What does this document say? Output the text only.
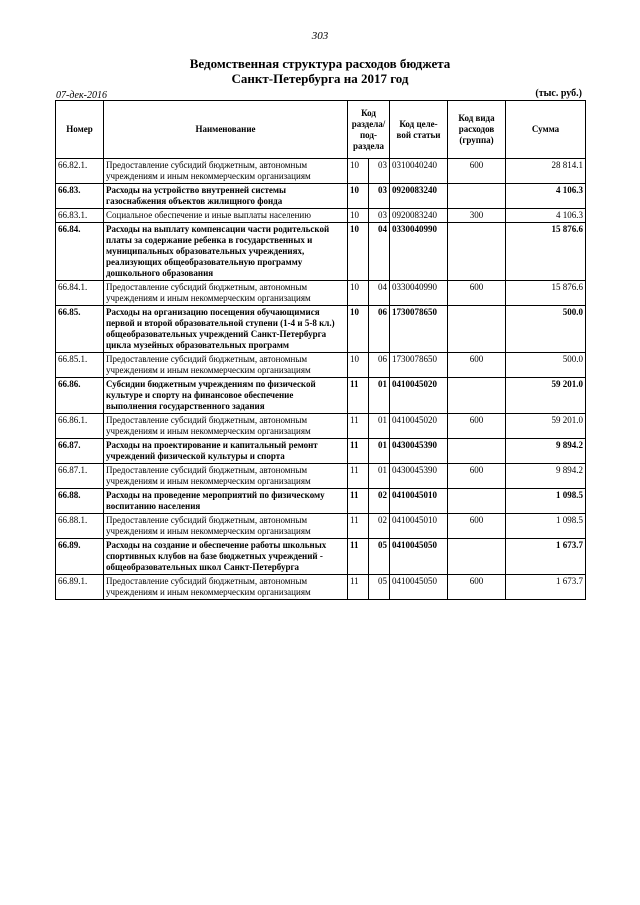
303
Ведомственная структура расходов бюджета
Санкт-Петербурга на 2017 год
07-дек-2016	(тыс. руб.)
Номер	Наименование	Код раздела/ под- раздела		Код целе- вой статьи	Код вида расходов (группа)	Сумма
66.82.1.	Предоставление субсидий бюджетным, автономным учреждениям и иным некоммерческим организациям	10	03	0310040240	600	28 814.1
66.83.	Расходы на устройство внутренней системы газоснабжения объектов жилищного фонда	10	03	0920083240		4 106.3
66.83.1.	Социальное обеспечение и иные выплаты населению	10	03	0920083240	300	4 106.3
66.84.	Расходы на выплату компенсации части родительской платы за содержание ребенка в государственных и муниципальных образовательных учреждениях, реализующих общеобразовательную программу дошкольного образования	10	04	0330040990		15 876.6
66.84.1.	Предоставление субсидий бюджетным, автономным учреждениям и иным некоммерческим организациям	10	04	0330040990	600	15 876.6
66.85.	Расходы на организацию посещения обучающимися первой и второй образовательной ступени (1-4 и 5-8 кл.) общеобразовательных учреждений Санкт-Петербурга цикла музейных образовательных программ	10	06	1730078650		500.0
66.85.1.	Предоставление субсидий бюджетным, автономным учреждениям и иным некоммерческим организациям	10	06	1730078650	600	500.0
66.86.	Субсидии бюджетным учреждениям по физической культуре и спорту на финансовое обеспечение выполнения государственного задания	11	01	0410045020		59 201.0
66.86.1.	Предоставление субсидий бюджетным, автономным учреждениям и иным некоммерческим организациям	11	01	0410045020	600	59 201.0
66.87.	Расходы на проектирование и капитальный ремонт учреждений физической культуры и спорта	11	01	0430045390		9 894.2
66.87.1.	Предоставление субсидий бюджетным, автономным учреждениям и иным некоммерческим организациям	11	01	0430045390	600	9 894.2
66.88.	Расходы на проведение мероприятий по физическому воспитанию населения	11	02	0410045010		1 098.5
66.88.1.	Предоставление субсидий бюджетным, автономным учреждениям и иным некоммерческим организациям	11	02	0410045010	600	1 098.5
66.89.	Расходы на создание и обеспечение работы школьных спортивных клубов на базе бюджетных учреждений - общеобразовательных школ Санкт-Петербурга	11	05	0410045050		1 673.7
66.89.1.	Предоставление субсидий бюджетным, автономным учреждениям и иным некоммерческим организациям	11	05	0410045050	600	1 673.7
